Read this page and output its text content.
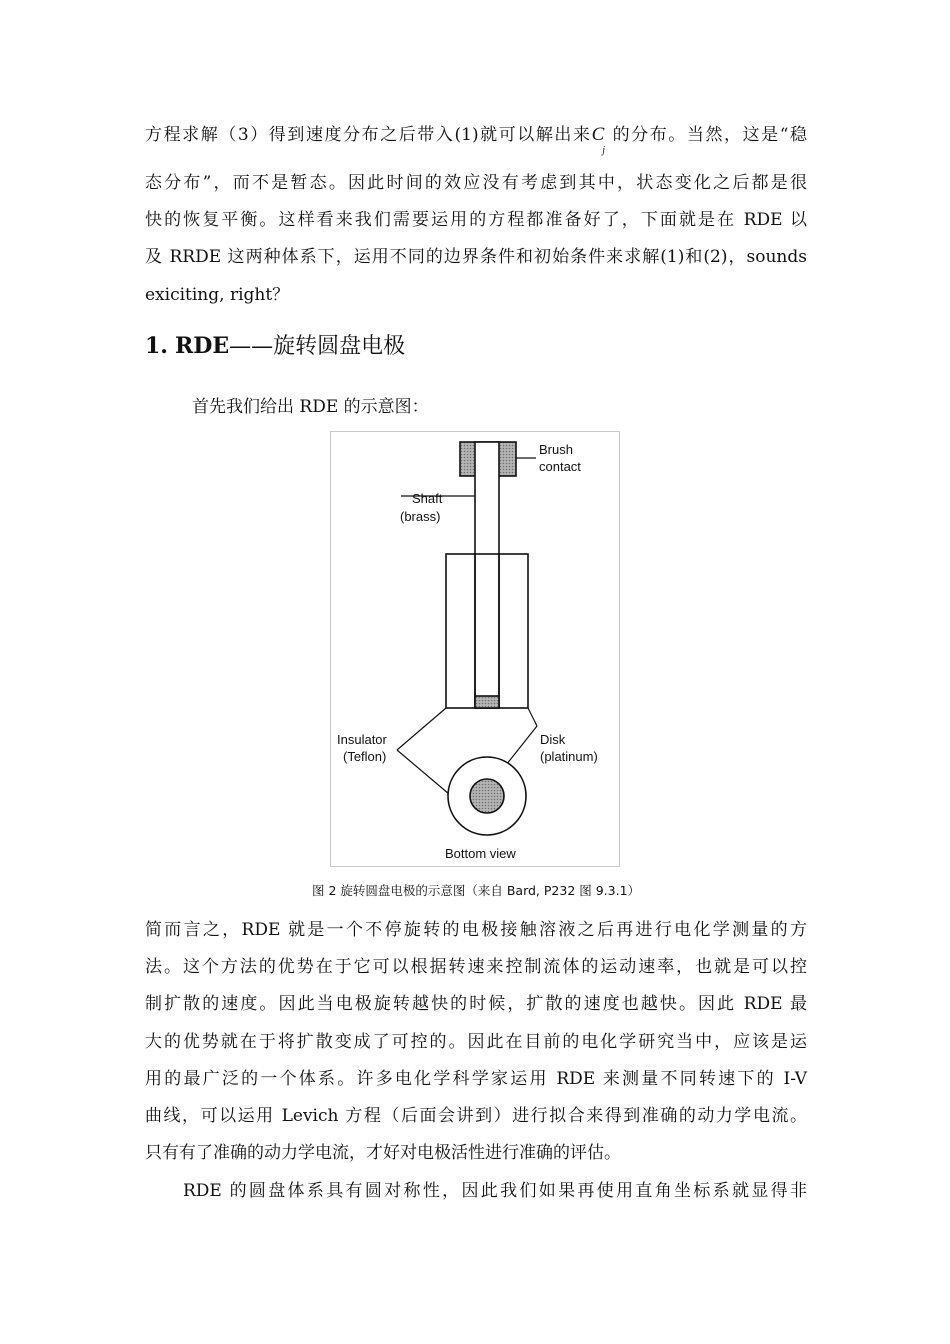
方程求解（3）得到速度分布之后带入(1)就可以解出来$C_j$的分布。当然，这是“稳
态分布”，而不是暂态。因此时间的效应没有考虑到其中，状态变化之后都是很
快的恢复平衡。这样看来我们需要运用的方程都准备好了，下面就是在 RDE 以
及 RRDE 这两种体系下，运用不同的边界条件和初始条件来求解(1)和(2)，sounds
exiciting, right？
1. RDE——旋转圆盘电极
首先我们给出 RDE 的示意图：
Brush
contact
Shaft
(brass)
Insulator
(Teflon)
Disk
(platinum)
Bottom view
图 2 旋转圆盘电极的示意图（来自 Bard, P232 图 9.3.1）
简而言之，RDE 就是一个不停旋转的电极接触溶液之后再进行电化学测量的方
法。这个方法的优势在于它可以根据转速来控制流体的运动速率，也就是可以控
制扩散的速度。因此当电极旋转越快的时候，扩散的速度也越快。因此 RDE 最
大的优势就在于将扩散变成了可控的。因此在目前的电化学研究当中，应该是运
用的最广泛的一个体系。许多电化学科学家运用 RDE 来测量不同转速下的 I-V
曲线，可以运用 Levich 方程（后面会讲到）进行拟合来得到准确的动力学电流。
只有有了准确的动力学电流，才好对电极活性进行准确的评估。
RDE 的圆盘体系具有圆对称性，因此我们如果再使用直角坐标系就显得非
